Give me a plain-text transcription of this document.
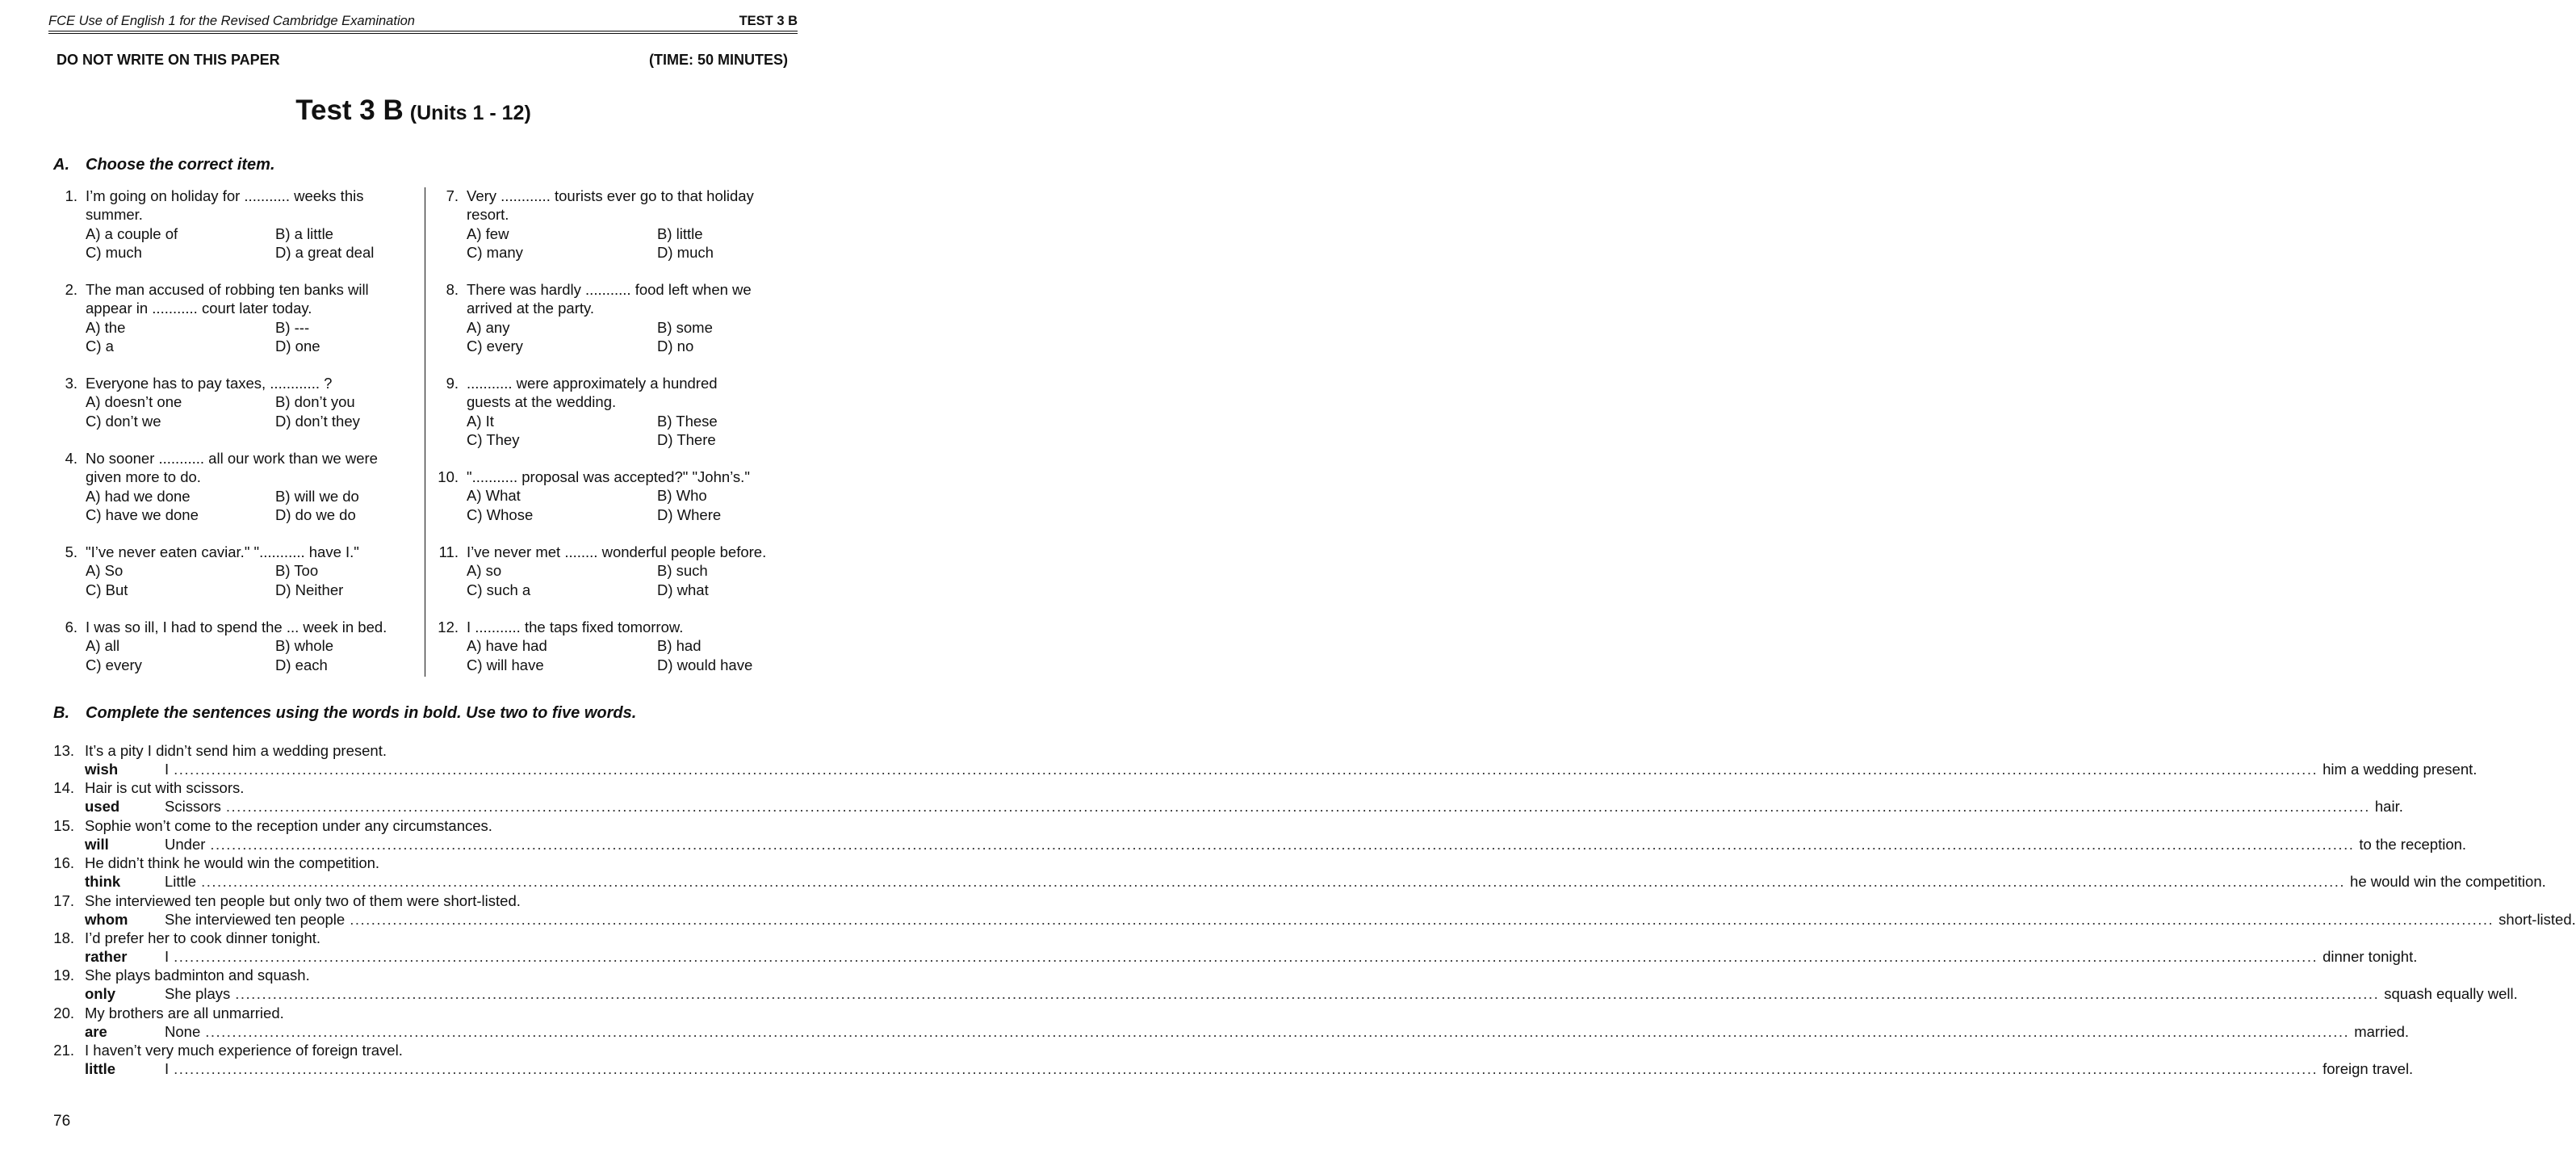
FCE Use of English 1 for the Revised Cambridge Examination	TEST 3 B
DO NOT WRITE ON THIS PAPER	(TIME: 50 MINUTES)
Test 3 B (Units 1 - 12)
A. Choose the correct item.
1. I’m going on holiday for ........... weeks this
summer.
A) a couple of	B) a little
C) much	D) a great deal
2. The man accused of robbing ten banks will
appear in ........... court later today.
A) the	B) ---
C) a	D) one
3. Everyone has to pay taxes, ............ ?
A) doesn’t one	B) don’t you
C) don’t we	D) don’t they
4. No sooner ........... all our work than we were
given more to do.
A) had we done	B) will we do
C) have we done	D) do we do
5. "I’ve never eaten caviar." "........... have I."
A) So	B) Too
C) But	D) Neither
6. I was so ill, I had to spend the ... week in bed.
A) all	B) whole
C) every	D) each
7. Very ............ tourists ever go to that holiday
resort.
A) few	B) little
C) many	D) much
8. There was hardly ........... food left when we
arrived at the party.
A) any	B) some
C) every	D) no
9. ........... were approximately a hundred
guests at the wedding.
A) It	B) These
C) They	D) There
10. "........... proposal was accepted?" "John’s."
A) What	B) Who
C) Whose	D) Where
11. I’ve never met ........ wonderful people before.
A) so	B) such
C) such a	D) what
12. I ........... the taps fixed tomorrow.
A) have had	B) had
C) will have	D) would have
B. Complete the sentences using the words in bold. Use two to five words.
13. It’s a pity I didn’t send him a wedding present.
wish	I ................................................................................................................................................................................................................................................................................................................................................................................................................ him a wedding present.
14. Hair is cut with scissors.
used	Scissors ................................................................................................................................................................................................................................................................................................................................................................................................................ hair.
15. Sophie won’t come to the reception under any circumstances.
will	Under ................................................................................................................................................................................................................................................................................................................................................................................................................ to the reception.
16. He didn’t think he would win the competition.
think	Little ................................................................................................................................................................................................................................................................................................................................................................................................................ he would win the competition.
17. She interviewed ten people but only two of them were short-listed.
whom She interviewed ten people ................................................................................................................................................................................................................................................................................................................................................................................................................ short-listed.
18. I’d prefer her to cook dinner tonight.
rather	I ................................................................................................................................................................................................................................................................................................................................................................................................................ dinner tonight.
19. She plays badminton and squash.
only	She plays ................................................................................................................................................................................................................................................................................................................................................................................................................ squash equally well.
20. My brothers are all unmarried.
are	None ................................................................................................................................................................................................................................................................................................................................................................................................................ married.
21. I haven’t very much experience of foreign travel.
little	I ................................................................................................................................................................................................................................................................................................................................................................................................................ foreign travel.
76
